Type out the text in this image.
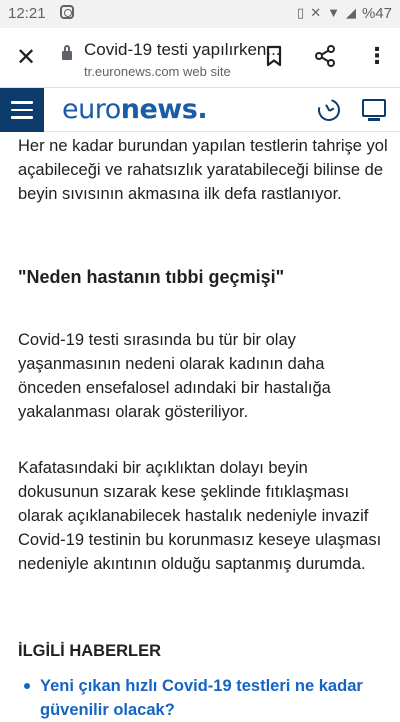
12:21	▯ ✕ ▼ ◢ %47
✕	Covid-19 testi yapılırken...
tr.euronews.com web site
⋮
euronews.

Her ne kadar burundan yapılan testlerin tahrişe yol açabileceği ve rahatsızlık yaratabileceği bilinse de beyin sıvısının akmasına ilk defa rastlanıyor.

"Neden hastanın tıbbi geçmişi"

Covid-19 testi sırasında bu tür bir olay yaşanmasının nedeni olarak kadının daha önceden ensefalosel adındaki bir hastalığa yakalanması olarak gösteriliyor.

Kafatasındaki bir açıklıktan dolayı beyin dokusunun sızarak kese şeklinde fıtıklaşması olarak açıklanabilecek hastalık nedeniyle invazif Covid-19 testinin bu korunmasız keseye ulaşması nedeniyle akıntının olduğu saptanmış durumda.

İLGİLİ HABERLER
Yeni çıkan hızlı Covid-19 testleri ne kadar güvenilir olacak?
